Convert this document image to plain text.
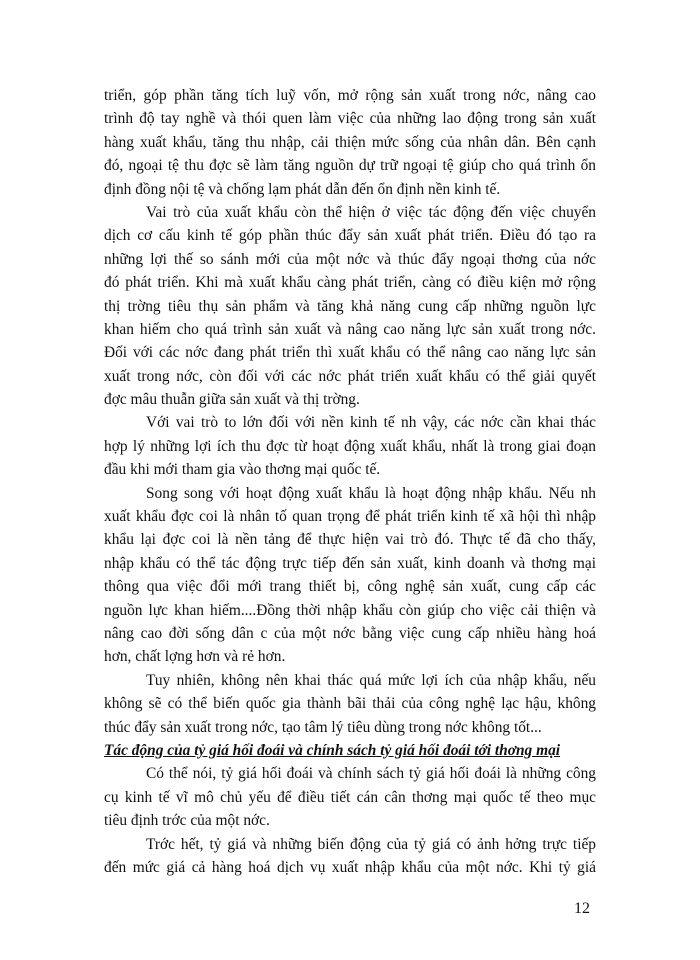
triển, góp phần tăng tích luỹ vốn, mở rộng sản xuất trong nớc, nâng cao
trình độ tay nghề và thói quen làm việc của những lao động trong sản xuất
hàng xuất khẩu, tăng thu nhập, cải thiện mức sống của nhân dân. Bên cạnh
đó, ngoại tệ thu đợc sẽ làm tăng nguồn dự trữ ngoại tệ giúp cho quá trình ổn
định đồng nội tệ và chống lạm phát dẫn đến ổn định nền kinh tế.
Vai trò của xuất khẩu còn thể hiện ở việc tác động đến việc chuyển
dịch cơ cấu kinh tế góp phần thúc đẩy sản xuất phát triển. Điều đó tạo ra
những lợi thế so sánh mới của một nớc và thúc đẩy ngoại thơng của nớc
đó phát triển. Khi mà xuất khẩu càng phát triển, càng có điều kiện mở rộng
thị trờng tiêu thụ sản phẩm và tăng khả năng cung cấp những nguồn lực
khan hiếm cho quá trình sản xuất và nâng cao năng lực sản xuất trong nớc.
Đối với các nớc đang phát triển thì xuất khẩu có thể nâng cao năng lực sản
xuất trong nớc, còn đối với các nớc phát triển xuất khẩu có thể giải quyết
đợc mâu thuẫn giữa sản xuất và thị trờng.
Với vai trò to lớn đối với nền kinh tế nh vậy, các nớc cần khai thác
hợp lý những lợi ích thu đợc từ hoạt động xuất khẩu, nhất là trong giai đoạn
đầu khi mới tham gia vào thơng mại quốc tế.
Song song với hoạt động xuất khẩu là hoạt động nhập khẩu. Nếu nh
xuất khẩu đợc coi là nhân tố quan trọng để phát triển kinh tế xã hội thì nhập
khẩu lại đợc coi là nền tảng để thực hiện vai trò đó. Thực tế đã cho thấy,
nhập khẩu có thể tác động trực tiếp đến sản xuất, kinh doanh và thơng mại
thông qua việc đổi mới trang thiết bị, công nghệ sản xuất, cung cấp các
nguồn lực khan hiếm....Đồng thời nhập khẩu còn giúp cho việc cải thiện và
nâng cao đời sống dân c của một nớc bằng việc cung cấp nhiều hàng hoá
hơn, chất lợng hơn và rẻ hơn.
Tuy nhiên, không nên khai thác quá mức lợi ích của nhập khẩu, nếu
không sẽ có thể biến quốc gia thành bãi thải của công nghệ lạc hậu, không
thúc đẩy sản xuất trong nớc, tạo tâm lý tiêu dùng trong nớc không tốt...
Tác động của tỷ giá hối đoái và chính sách tỷ giá hối đoái tới thơng mại
Có thể nói, tỷ giá hối đoái và chính sách tỷ giá hối đoái là những công
cụ kinh tế vĩ mô chủ yếu để điều tiết cán cân thơng mại quốc tế theo mục
tiêu định trớc của một nớc.
Trớc hết, tỷ giá và những biến động của tỷ giá có ảnh hởng trực tiếp
đến mức giá cả hàng hoá dịch vụ xuất nhập khẩu của một nớc. Khi tỷ giá
12
